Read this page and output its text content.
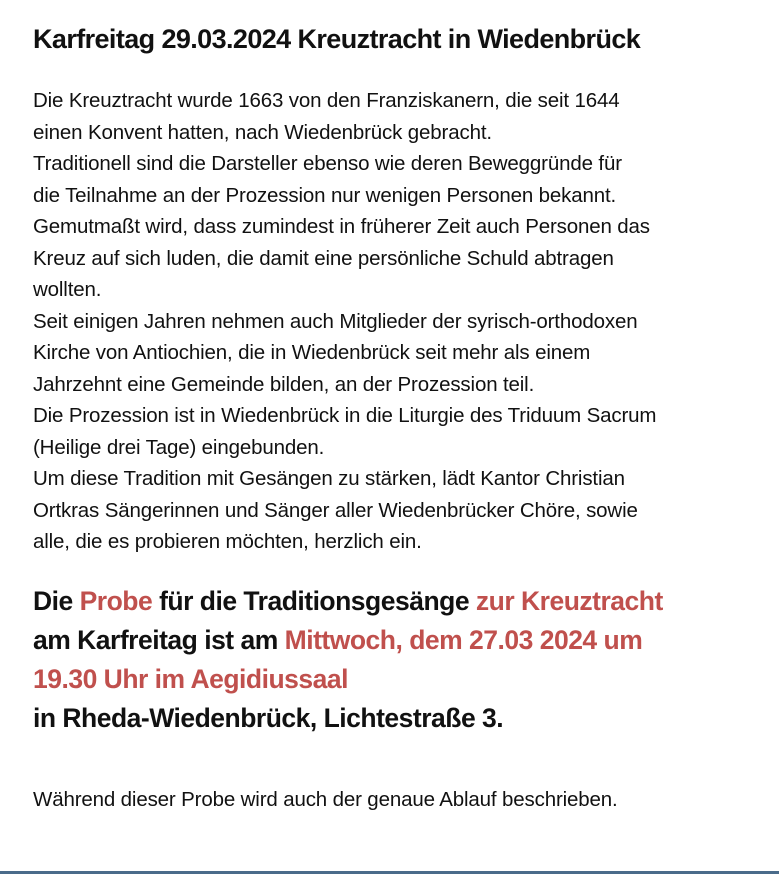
Karfreitag 29.03.2024 Kreuztracht in Wiedenbrück
Die Kreuztracht wurde 1663 von den Franziskanern, die seit 1644
einen Konvent hatten, nach Wiedenbrück gebracht.
Traditionell sind die Darsteller ebenso wie deren Beweggründe für
die Teilnahme an der Prozession nur wenigen Personen bekannt.
Gemutmaßt wird, dass zumindest in früherer Zeit auch Personen das
Kreuz auf sich luden, die damit eine persönliche Schuld abtragen
wollten.
Seit einigen Jahren nehmen auch Mitglieder der syrisch-orthodoxen
Kirche von Antiochien, die in Wiedenbrück seit mehr als einem
Jahrzehnt eine Gemeinde bilden, an der Prozession teil.
Die Prozession ist in Wiedenbrück in die Liturgie des Triduum Sacrum
(Heilige drei Tage) eingebunden.
Um diese Tradition mit Gesängen zu stärken, lädt Kantor Christian
Ortkras Sängerinnen und Sänger aller Wiedenbrücker Chöre, sowie
alle, die es probieren möchten, herzlich ein.
Die Probe für die Traditionsgesänge zur Kreuztracht
am Karfreitag ist am Mittwoch, dem 27.03 2024 um
19.30 Uhr im Aegidiussaal
in Rheda-Wiedenbrück, Lichtestraße 3.
Während dieser Probe wird auch der genaue Ablauf beschrieben.
